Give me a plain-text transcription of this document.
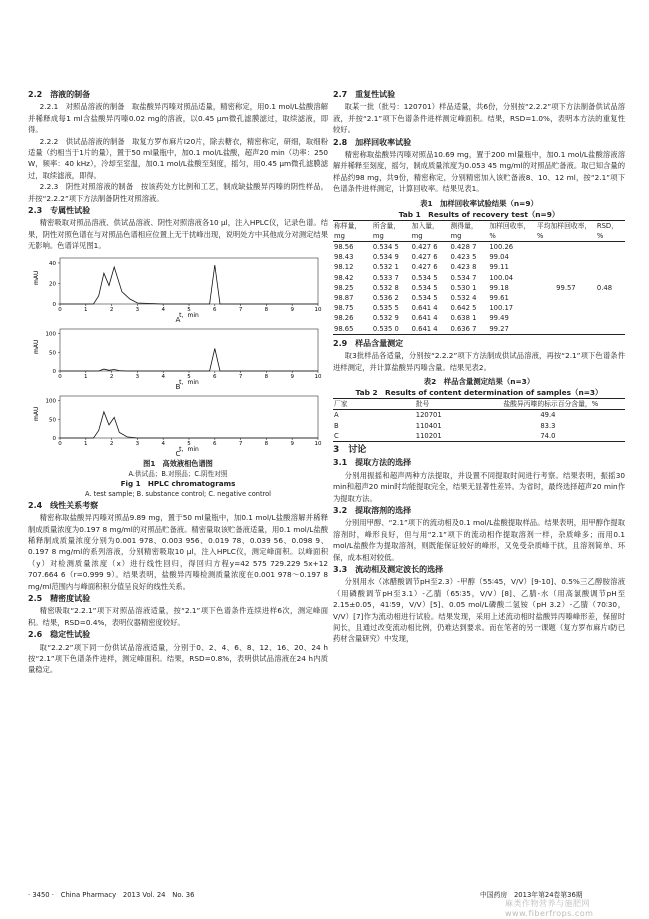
2.2　溶液的制备

2.2.1　对照品溶液的制备　取盐酸异丙嗪对照品适量，精密称定，用0.1 mol/L盐酸溶解并稀释成每1 ml含盐酸异丙嗪0.02 mg的溶液，以0.45 μm微孔滤膜滤过，取续滤液，即得。

2.2.2　供试品溶液的制备　取复方罗布麻片Ⅰ20片，除去糖衣，精密称定，研细，取细粉适量（约相当于1片的量），置于50 ml量瓶中，加0.1 mol/L盐酸，超声20 min（功率：250 W，频率：40 kHz），冷却至室温，加0.1 mol/L盐酸至刻度，摇匀，用0.45 μm微孔滤膜滤过，取续滤液，即得。

2.2.3　阴性对照溶液的制备　按该药处方比例和工艺，制成缺盐酸异丙嗪的阴性样品，并按“2.2.2”项下方法制备阴性对照溶液。

2.3　专属性试验

精密吸取对照品溶液、供试品溶液、阴性对照溶液各10 μl，注入HPLC仪，记录色谱。结果，阴性对照色谱在与对照品色谱相应位置上无干扰峰出现，说明处方中其他成分对测定结果无影响。色谱详见图1。

0
20
40
0	1	2	3	4	5	6	7	8	9	10
mAU
t，min
A
0
50
100
0	1	2	3	4	5	6	7	8	9	10
mAU
t，min
B
0
50
100
0	1	2	3	4	5	6	7	8	9	10
mAU
t，min
C
图1　高效液相色谱图
A.供试品；B.对照品；C.阴性对照
Fig 1　HPLC chromatograms
A. test sample; B. substance control; C. negative control
2.4　线性关系考察

精密称取盐酸异丙嗪对照品9.89 mg，置于50 ml量瓶中，加0.1 mol/L盐酸溶解并稀释制成质量浓度为0.197 8 mg/ml的对照品贮备液。精密量取该贮备液适量，用0.1 mol/L盐酸稀释制成质量浓度分别为0.001 978、0.003 956、0.019 78、0.039 56、0.098 9、0.197 8 mg/ml的系列溶液，分别精密吸取10 μl，注入HPLC仪，测定峰面积。以峰面积（y）对检测质量浓度（x）进行线性回归，得回归方程y=42 575 729.229 5x+12 707.664 6（r=0.999 9）。结果表明，盐酸异丙嗪检测质量浓度在0.001 978～0.197 8 mg/ml范围内与峰面积积分值呈良好的线性关系。

2.5　精密度试验

精密吸取“2.2.1”项下对照品溶液适量，按“2.1”项下色谱条件连续进样6次，测定峰面积。结果，RSD=0.4%，表明仪器精密度较好。

2.6　稳定性试验

取“2.2.2”项下同一份供试品溶液适量，分别于0、2、4、6、8、12、16、20、24 h按“2.1”项下色谱条件进样，测定峰面积。结果，RSD=0.8%，表明供试品溶液在24 h内质量稳定。

2.7　重复性试验

取某一批（批号：120701）样品适量，共6份，分别按“2.2.2”项下方法制备供试品溶液，并按“2.1”项下色谱条件进样测定峰面积。结果，RSD=1.0%，表明本方法的重复性较好。

2.8　加样回收率试验

精密称取盐酸异丙嗪对照品10.69 mg，置于200 ml量瓶中，加0.1 mol/L盐酸溶液溶解并稀释至刻度，摇匀，制成质量浓度为0.053 45 mg/ml的对照品贮备液。取已知含量的样品约98 mg，共9份，精密称定，分别精密加入该贮备液8、10、12 ml，按“2.1”项下色谱条件进样测定，计算回收率。结果见表1。

表1　加样回收率试验结果（n=9）
Tab 1　Results of recovery test（n=9）
称样量，mg	所含量，mg	加入量，mg	测得量，mg	加样回收率，%	平均加样回收率，%	RSD，%
98.56	0.534 5	0.427 6	0.428 7	100.26		
98.43	0.534 9	0.427 6	0.423 5	99.04		
98.12	0.532 1	0.427 6	0.423 8	99.11		
98.42	0.533 7	0.534 5	0.534 7	100.04		
98.25	0.532 8	0.534 5	0.530 1	99.18	99.57	0.48
98.87	0.536 2	0.534 5	0.532 4	99.61		
98.75	0.535 5	0.641 4	0.642 5	100.17		
98.26	0.532 9	0.641 4	0.638 1	99.49		
98.65	0.535 0	0.641 4	0.636 7	99.27		
2.9　样品含量测定

取3批样品各适量，分别按“2.2.2”项下方法制成供试品溶液，再按“2.1”项下色谱条件进样测定，并计算盐酸异丙嗪含量。结果见表2。

表2　样品含量测定结果（n=3）
Tab 2　Results of content determination of samples（n=3）
厂家	批号	盐酸异丙嗪的标示百分含量，%
A	120701	49.4
B	110401	83.3
C	110201	74.0
3　讨论
3.1　提取方法的选择

分别用振摇和超声两种方法提取，并设置不同提取时间进行考察。结果表明，振摇30 min和超声20 min时均能提取完全，结果无显著性差异。为省时，最终选择超声20 min作为提取方法。

3.2　提取溶剂的选择

分别用甲醇、“2.1”项下的流动相及0.1 mol/L盐酸提取样品。结果表明，用甲醇作提取溶剂时，峰形良好，但与用“2.1”项下的流动相作提取溶剂一样，杂质峰多；而用0.1 mol/L盐酸作为提取溶剂，则既能保证较好的峰形，又免受杂质峰干扰，且溶剂简单、环保，成本相对较低。

3.3　流动相及测定波长的选择

分别用水（冰醋酸调节pH至2.3）-甲醇（55∶45，V/V）[9-10]、0.5%三乙醇胺溶液（用磷酸调节pH至3.1）-乙腈（65∶35，V/V）[8]、乙腈-水（用高氯酸调节pH至2.15±0.05，41∶59，V/V）[5]、0.05 mol/L磷酸二氢铵（pH 3.2）-乙腈（70∶30，V/V）[7]作为流动相进行试验。结果发现，采用上述流动相时盐酸异丙嗪峰形差，保留时间长，且通过改变流动相比例，仍难达到要求。而在笔者的另一课题（复方罗布麻片Ⅰ防已药材含量研究）中发现，

· 3450 ·　China Pharmacy　2013 Vol. 24　No. 36	中国药房　2013年第24卷第36期
麻类作物营养与施肥网 www.fiberfrops.com
